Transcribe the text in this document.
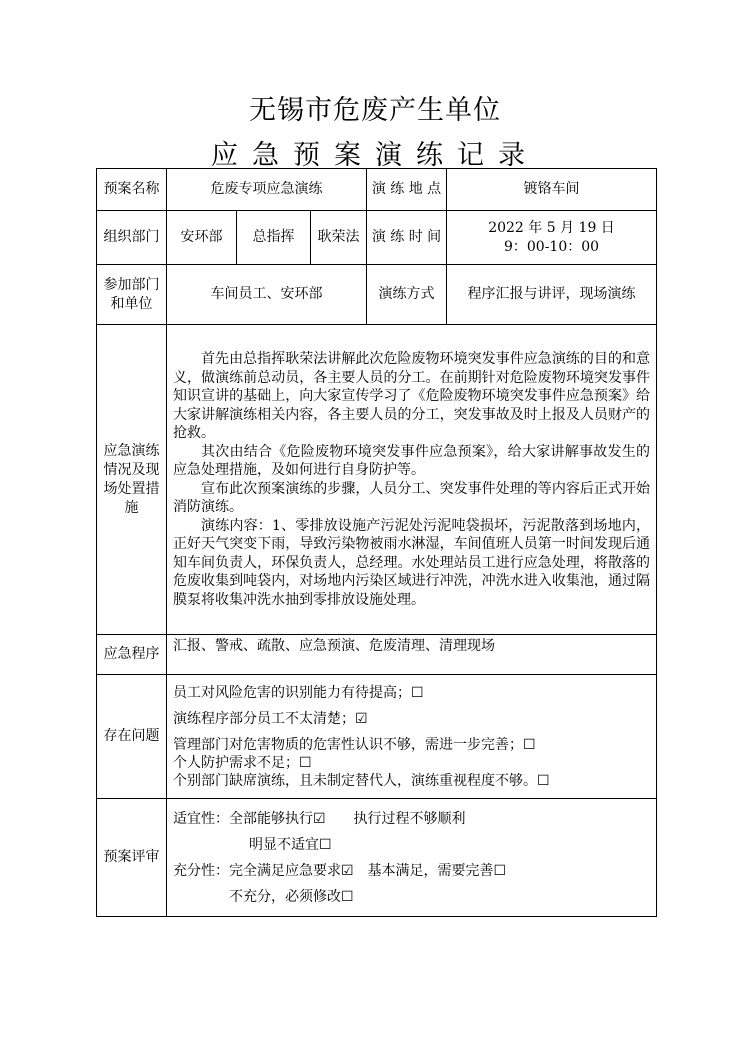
无锡市危废产生单位
应急预案演练记录
预案名称	危废专项应急演练			演 练 地 点	镀铬车间
组织部门	安环部	总指挥	耿荣法	演 练 时 间	2022 年 5 月 19 日
9：00-10：00

参加部门和单位	车间员工、安环部			演练方式	程序汇报与讲评，现场演练
应急演练情况及现场处置措施	首先由总指挥耿荣法讲解此次危险废物环境突发事件应急演练的目的和意义，做演练前总动员，各主要人员的分工。在前期针对危险废物环境突发事件知识宣讲的基础上，向大家宣传学习了《危险废物环境突发事件应急预案》给大家讲解演练相关内容，各主要人员的分工，突发事故及时上报及人员财产的抢救。

其次由结合《危险废物环境突发事件应急预案》，给大家讲解事故发生的应急处理措施，及如何进行自身防护等。

宣布此次预案演练的步骤，人员分工、突发事件处理的等内容后正式开始消防演练。

演练内容：1、零排放设施产污泥处污泥吨袋损坏，污泥散落到场地内，正好天气突变下雨，导致污染物被雨水淋湿，车间值班人员第一时间发现后通知车间负责人，环保负责人，总经理。水处理站员工进行应急处理，将散落的危废收集到吨袋内，对场地内污染区域进行冲洗，冲洗水进入收集池，通过隔膜泵将收集冲洗水抽到零排放设施处理。				

应急程序	汇报、警戒、疏散、应急预演、危废清理、清理现场				
存在问题	员工对风险危害的识别能力有待提高；☐

演练程序部分员工不太清楚；☑

管理部门对危害物质的危害性认识不够，需进一步完善；☐

个人防护需求不足；☐

个别部门缺席演练，且未制定替代人，演练重视程度不够。☐				

预案评审	适宜性：全部能够执行☑　　执行过程不够顺利

明显不适宜☐

充分性：完全满足应急要求☑　基本满足，需要完善☐

不充分，必须修改☐				
